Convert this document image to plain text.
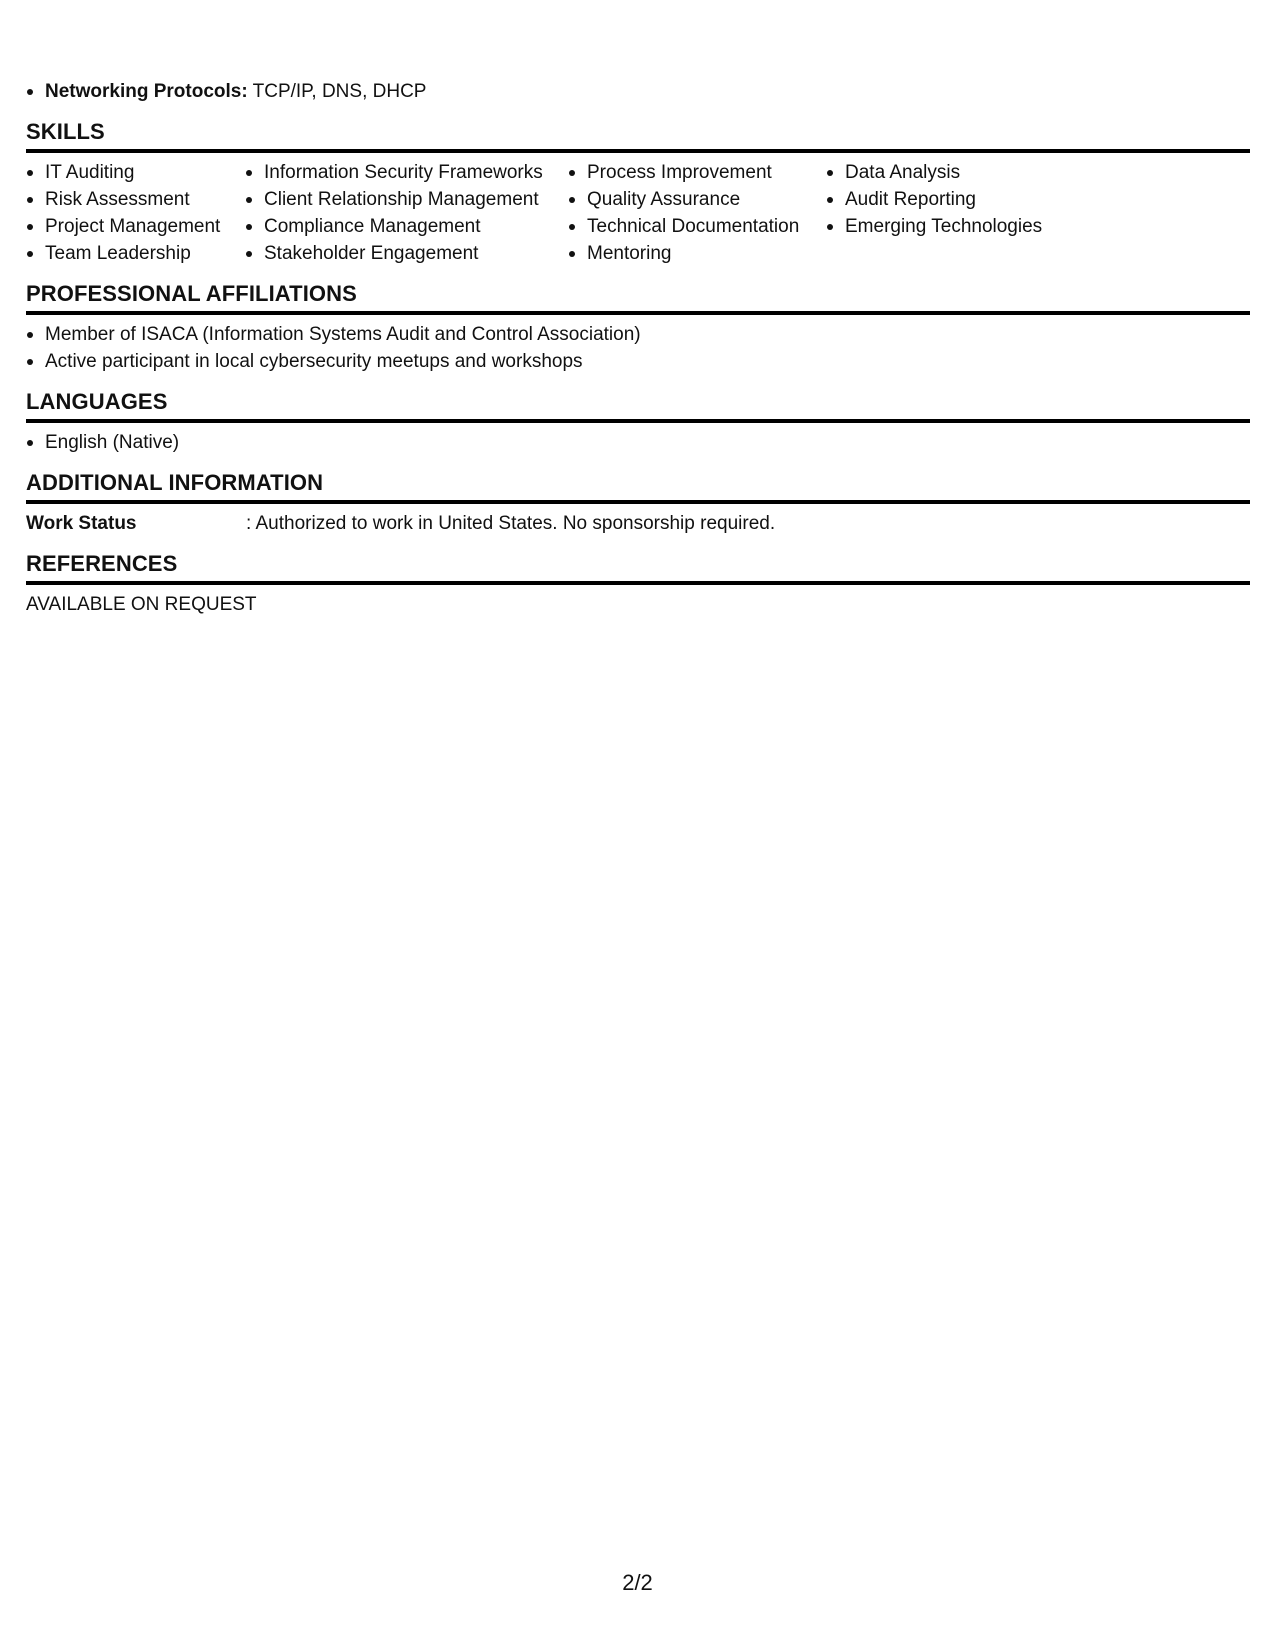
Networking Protocols: TCP/IP, DNS, DHCP
SKILLS
IT Auditing
Risk Assessment
Project Management
Team Leadership
Information Security Frameworks
Client Relationship Management
Compliance Management
Stakeholder Engagement
Process Improvement
Quality Assurance
Technical Documentation
Mentoring
Data Analysis
Audit Reporting
Emerging Technologies
PROFESSIONAL AFFILIATIONS
Member of ISACA (Information Systems Audit and Control Association)
Active participant in local cybersecurity meetups and workshops
LANGUAGES
English (Native)
ADDITIONAL INFORMATION
Work Status	: Authorized to work in United States. No sponsorship required.
REFERENCES
AVAILABLE ON REQUEST
2/2
